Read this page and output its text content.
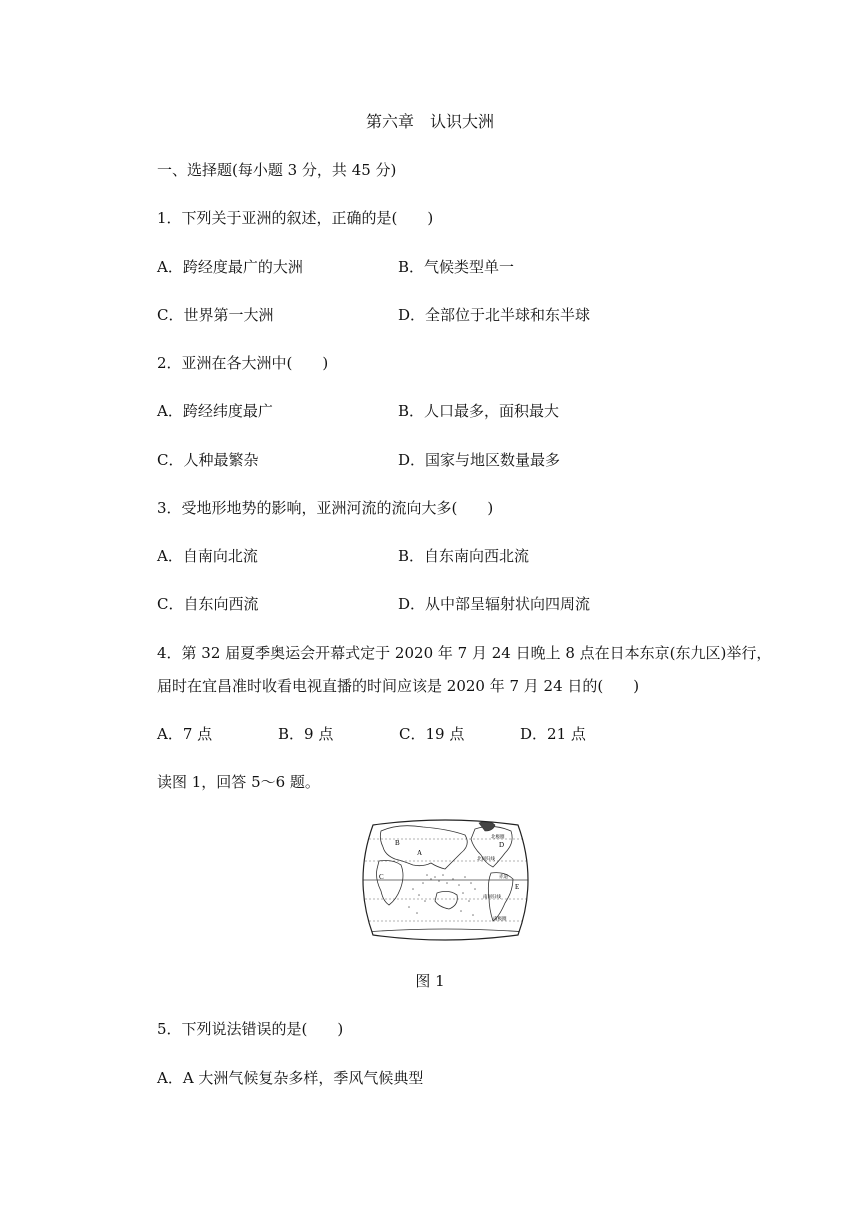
第六章　认识大洲
一、选择题(每小题 3 分，共 45 分)
1．下列关于亚洲的叙述，正确的是(　　)
A．跨经度最广的大洲	B．气候类型单一
C．世界第一大洲	D．全部位于北半球和东半球
2．亚洲在各大洲中(　　)
A．跨经纬度最广	B．人口最多，面积最大
C．人种最繁杂	D．国家与地区数量最多
3．受地形地势的影响，亚洲河流的流向大多(　　)
A．自南向北流	B．自东南向西北流
C．自东向西流	D．从中部呈辐射状向四周流
4．第 32 届夏季奥运会开幕式定于 2020 年 7 月 24 日晚上 8 点在日本东京(东九区)举行，
届时在宜昌准时收看电视直播的时间应该是 2020 年 7 月 24 日的(　　)
A．7 点	B．9 点	C．19 点	D．21 点
读图 1，回答 5～6 题。
A
B
C
D
E
北极圈
北回归线
赤道
南回归线
南极圈
图 1
5．下列说法错误的是(　　)
A．A 大洲气候复杂多样，季风气候典型
